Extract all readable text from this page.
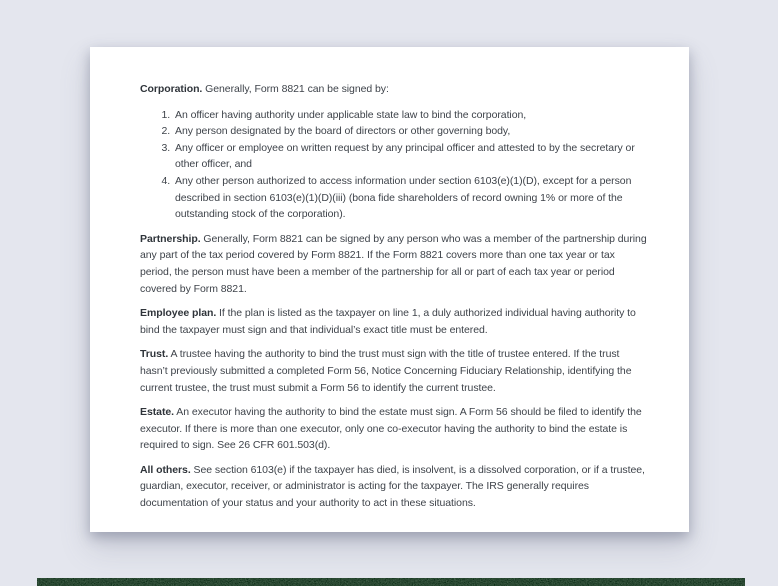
Corporation. Generally, Form 8821 can be signed by:

1. An officer having authority under applicable state law to bind the corporation,
2. Any person designated by the board of directors or other governing body,
3. Any officer or employee on written request by any principal officer and attested to by the secretary or other officer, and
4. Any other person authorized to access information under section 6103(e)(1)(D), except for a person described in section 6103(e)(1)(D)(iii) (bona fide shareholders of record owning 1% or more of the outstanding stock of the corporation).

Partnership. Generally, Form 8821 can be signed by any person who was a member of the partnership during any part of the tax period covered by Form 8821. If the Form 8821 covers more than one tax year or tax period, the person must have been a member of the partnership for all or part of each tax year or period covered by Form 8821.

Employee plan. If the plan is listed as the taxpayer on line 1, a duly authorized individual having authority to bind the taxpayer must sign and that individual’s exact title must be entered.

Trust. A trustee having the authority to bind the trust must sign with the title of trustee entered. If the trust hasn’t previously submitted a completed Form 56, Notice Concerning Fiduciary Relationship, identifying the current trustee, the trust must submit a Form 56 to identify the current trustee.

Estate. An executor having the authority to bind the estate must sign. A Form 56 should be filed to identify the executor. If there is more than one executor, only one co-executor having the authority to bind the estate is required to sign. See 26 CFR 601.503(d).

All others. See section 6103(e) if the taxpayer has died, is insolvent, is a dissolved corporation, or if a trustee, guardian, executor, receiver, or administrator is acting for the taxpayer. The IRS generally requires documentation of your status and your authority to act in these situations.
